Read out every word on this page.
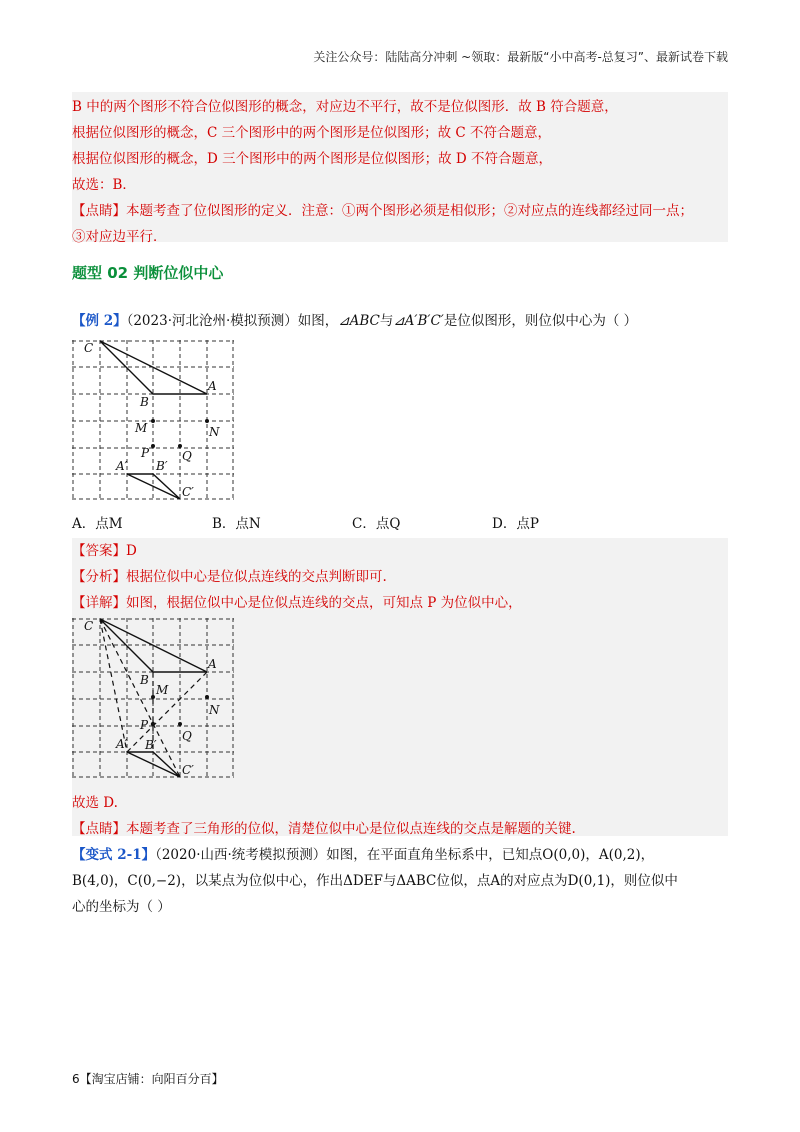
关注公众号：陆陆高分冲刺 ~领取：最新版“小中高考-总复习”、最新试卷下载
B 中的两个图形不符合位似图形的概念，对应边不平行，故不是位似图形．故 B 符合题意，
根据位似图形的概念，C 三个图形中的两个图形是位似图形；故 C 不符合题意，
根据位似图形的概念，D 三个图形中的两个图形是位似图形；故 D 不符合题意，
故选：B．
【点睛】本题考查了位似图形的定义．注意：①两个图形必须是相似形；②对应点的连线都经过同一点；
③对应边平行．
题型 02 判断位似中心
【例 2】（2023·河北沧州·模拟预测）如图，⊿ABC与⊿A′B′C′是位似图形，则位似中心为（ ）
C
A
B
M	N
P	Q
A′ B′
C′
A．点M	B．点N	C．点Q	D．点P
【答案】D
【分析】根据位似中心是位似点连线的交点判断即可.
【详解】如图，根据位似中心是位似点连线的交点，可知点 P 为位似中心，
C
A
B
M
N
P
Q
A′ B′
C′
故选 D.
【点睛】本题考查了三角形的位似，清楚位似中心是位似点连线的交点是解题的关键.
【变式 2-1】（2020·山西·统考模拟预测）如图，在平面直角坐标系中，已知点O(0,0)，A(0,2)，
B(4,0)，C(0,−2)，以某点为位似中心，作出ΔDEF与ΔABC位似，点A的对应点为D(0,1)，则位似中
心的坐标为（ ）
6【淘宝店铺：向阳百分百】
